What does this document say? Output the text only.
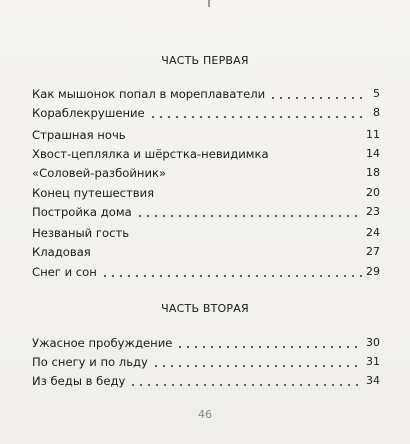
ЧАСТЬ ПЕРВАЯ
Как мышонок попал в мореплаватели	5
Кораблекрушение	8
Страшная ночь	11
Хвост-цеплялка и шёрстка-невидимка	14
«Соловей-разбойник»	18
Конец путешествия	20
Постройка дома	23
Незваный гость	24
Кладовая	27
Снег и сон	29
ЧАСТЬ ВТОРАЯ
Ужасное пробуждение	30
По снегу и по льду	31
Из беды в беду	34
46
